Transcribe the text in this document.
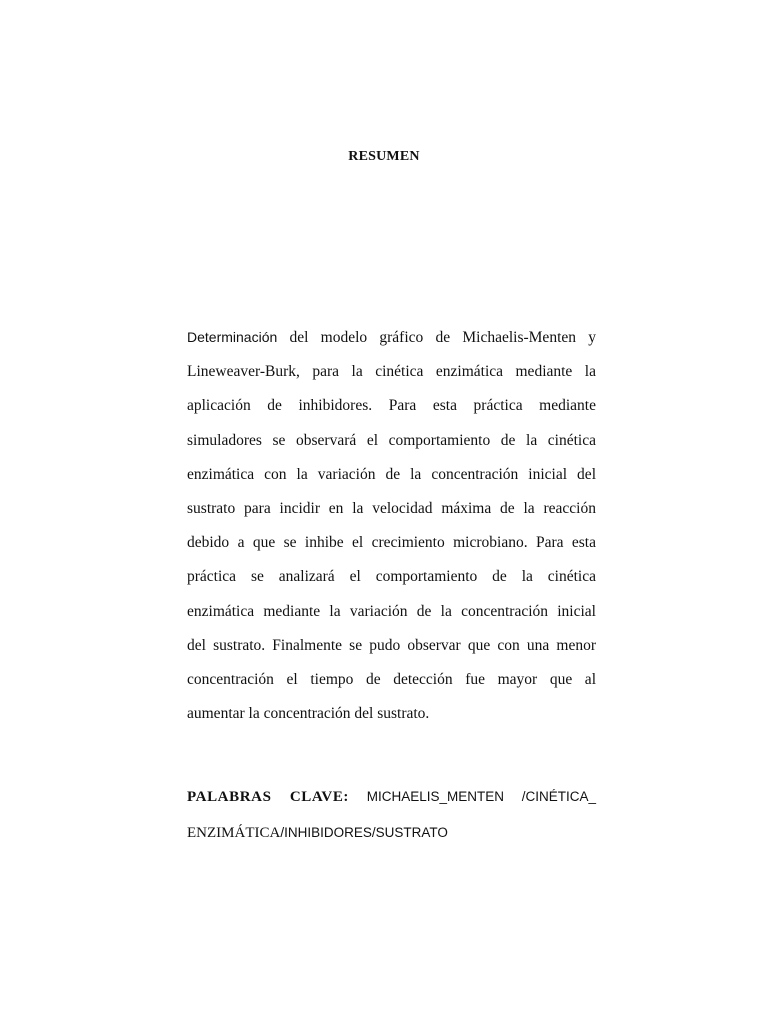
RESUMEN
Determinación del modelo gráfico de Michaelis-Menten y
Lineweaver-Burk, para la cinética enzimática mediante la
aplicación de inhibidores. Para esta práctica mediante
simuladores se observará el comportamiento de la cinética
enzimática con la variación de la concentración inicial del
sustrato para incidir en la velocidad máxima de la reacción
debido a que se inhibe el crecimiento microbiano. Para esta
práctica se analizará el comportamiento de la cinética
enzimática mediante la variación de la concentración inicial
del sustrato. Finalmente se pudo observar que con una menor
concentración el tiempo de detección fue mayor que al
aumentar la concentración del sustrato.
PALABRAS CLAVE: MICHAELIS_MENTEN /CINÉTICA_
ENZIMÁTICA/INHIBIDORES/SUSTRATO
